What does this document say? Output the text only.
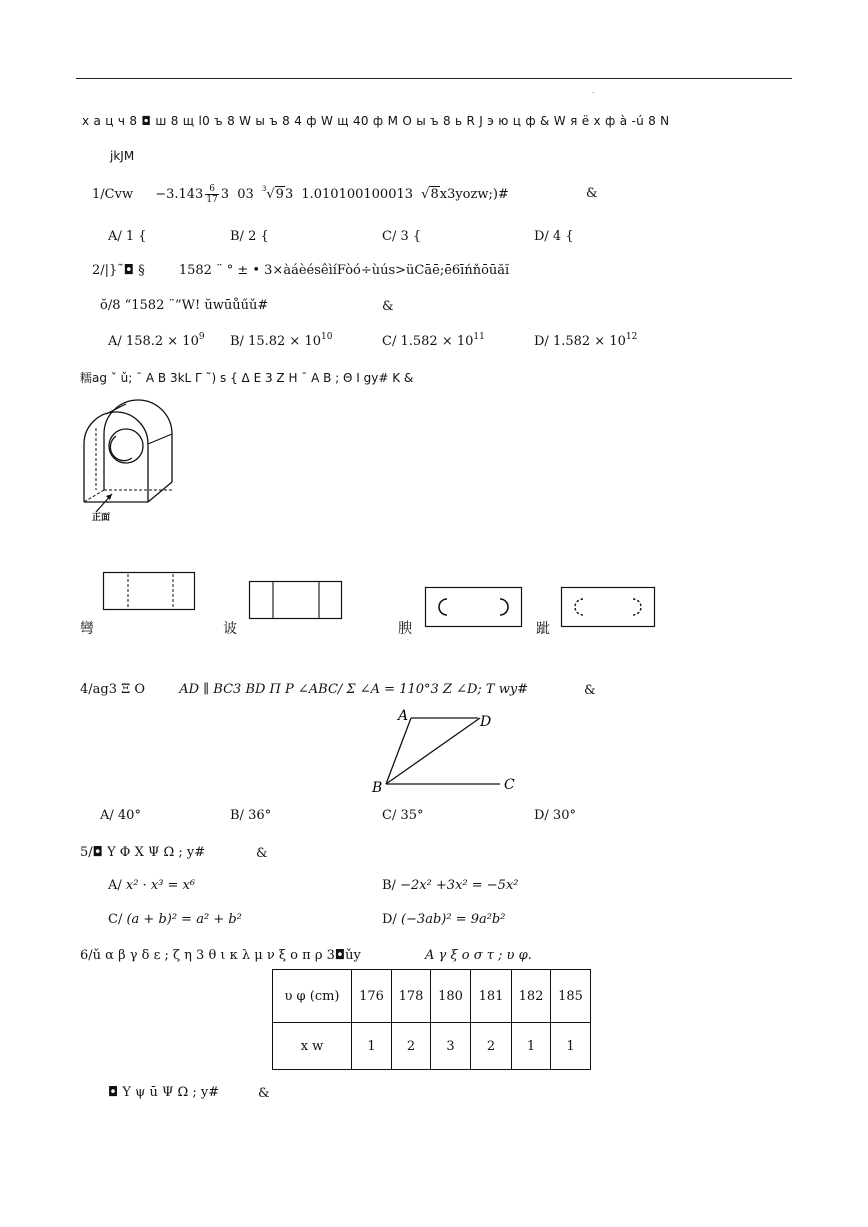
.
x a ц ч 8 ◘ ш 8 щ l0 ъ 8 W ы ъ 8 4 ф W щ 40 ф M О ы ъ 8 ь R J э ю ц ф & W я ё х ф à -ú 8 N
jkJM
$1/Cvw -3.143 \frac{6}{17} 3$ 03 $^3$√93 1.010100100013 √8x3yozw;)#	&
A/ 1 {	B/ 2 {	C/ 3 {	D/ 4 {
2/|}˜◘ §	1582 ¨ ° ± • 3×àáèésêìíFòó÷ùús>üCāē;ē6īńňōūăĭ
ŏ/8 “1582 ¨”W! ŭwūůűǔ#	&
A/ $158.2 \times 10^9$ B/ $15.82 \times 10^{10}$	C/ $1.582 \times 10^{11}$	D/ $1.582 \times 10^{12}$
糯ag ˇ ǔ; ¯ A B 3kL Γ ˜) s { Δ E 3 Z H ¯ A B ; Θ I gy# K &
正面
彎	诐	腴	跐
4/ag3 Ξ O	AD ∥ BC3 BD Π P ∠ABC/ Σ ∠A = 110°3 Z ∠D; T wy#	&
A	D
B	C
A/ 40°	B/ 36°	C/ 35°	D/ 30°
5/◘ Υ Φ Χ Ψ Ω ; y#	&
A/ x² · x³ = x⁶	B/ −2x² +3x² = −5x²
C/ (a + b)² = a² + b²	D/ (−3ab)² = 9a²b²
6/ǔ α β γ δ ε ; ζ η 3 θ ι κ λ μ ν ξ ο π ρ 3◘ǔy	A γ ξ ο σ τ ; υ φ.
υ φ (cm)	176	178	180	181	182	185
x w	1	2	3	2	1	1
◘ Υ ψ ū Ψ Ω ; y#	&
